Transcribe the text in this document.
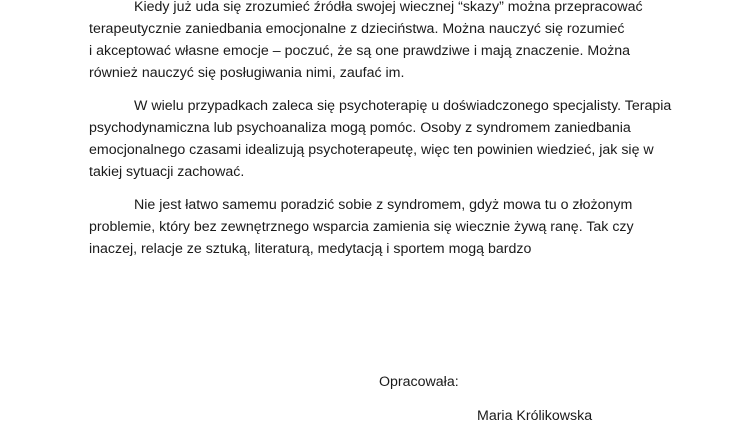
Kiedy już uda się zrozumieć źródła swojej wiecznej “skazy” można przepracować
terapeutycznie zaniedbania emocjonalne z dzieciństwa. Można nauczyć się rozumieć
i akceptować własne emocje – poczuć, że są one prawdziwe i mają znaczenie. Można
również nauczyć się posługiwania nimi, zaufać im.

W wielu przypadkach zaleca się psychoterapię u doświadczonego specjalisty. Terapia
psychodynamiczna lub psychoanaliza mogą pomóc. Osoby z syndromem zaniedbania
emocjonalnego czasami idealizują psychoterapeutę, więc ten powinien wiedzieć, jak się w
takiej sytuacji zachować.

Nie jest łatwo samemu poradzić sobie z syndromem, gdyż mowa tu o złożonym
problemie, który bez zewnętrznego wsparcia zamienia się wiecznie żywą ranę. Tak czy
inaczej, relacje ze sztuką, literaturą, medytacją i sportem mogą bardzo

Opracowała:
Maria Królikowska
